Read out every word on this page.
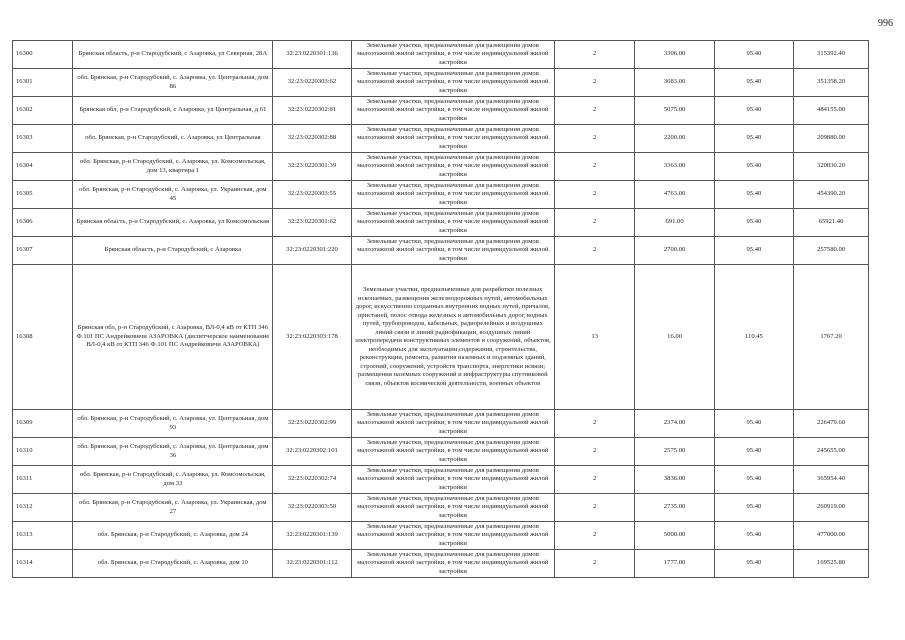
996
16300	Брянская область, р-н Стародубский, с Азаровка, ул Северная, 28А	32:23:0220301:136	Земельные участки, предназначенные для размещения домов малоэтажной жилой застройки, в том числе индивидуальной жилой застройки	2	3306.00	95.40	315392.40
16301	обл. Брянская, р-н Стародубский, с. Азаровка, ул. Центральная, дом 86	32:23:0220303:62	Земельные участки, предназначенные для размещения домов малоэтажной жилой застройки, в том числе индивидуальной жилой застройки	2	3683.00	95.40	351358.20
16302	Брянская обл, р-н Стародубский, с Азаровка, ул Центральная, д 61	32:23:0220302:81	Земельные участки, предназначенные для размещения домов малоэтажной жилой застройки, в том числе индивидуальной жилой застройки	2	5075.00	95.40	484155.00
16303	обл. Брянская, р-н Стародубский, с. Азаровка, ул Центральная	32:23:0220302:88	Земельные участки, предназначенные для размещения домов малоэтажной жилой застройки, в том числе индивидуальной жилой застройки	2	2200.00	95.40	209880.00
16304	обл. Брянская, р-н Стародубский, с. Азаровка, ул. Комсомольская, дом 13, квартира 1	32:23:0220301:39	Земельные участки, предназначенные для размещения домов малоэтажной жилой застройки, в том числе индивидуальной жилой застройки	2	3363.00	95.40	320830.20
16305	обл. Брянская, р-н Стародубский, с. Азаровка, ул. Украинская, дом 45	32:23:0220303:55	Земельные участки, предназначенные для размещения домов малоэтажной жилой застройки, в том числе индивидуальной жилой застройки	2	4763.00	95.40	454390.20
16306	Брянская область, р-н Стародубский, с. Азаровка, ул Комсомольская	32:23:0220301:62	Земельные участки, предназначенные для размещения домов малоэтажной жилой застройки, в том числе индивидуальной жилой застройки	2	691.00	95.40	65921.40
16307	Брянская область, р-н Стародубский, с Азаровка	32:23:0220301:220	Земельные участки, предназначенные для размещения домов малоэтажной жилой застройки, в том числе индивидуальной жилой застройки	2	2700.00	95.40	257580.00
16308	Брянская обл, р-н Стародубский, с Азаровка, ВЛ-0,4 кВ от КТП 346 Ф.101 ПС Андрейковичи АЗАРОВКА (диспетчерское наименование ВЛ-0,4 кВ от КТП 346 Ф.101 ПС Андрейковичи АЗАРОВКА)	32:23:0220303:178	Земельные участки, предназначенные для разработки полезных ископаемых, размещения железнодорожных путей, автомобильных дорог, искусственно созданных внутренних водных путей, причалов, пристаней, полос отвода железных и автомобильных дорог, водных путей, трубопроводов, кабельных, радиорелейных и воздушных линий связи и линий радиофикации, воздушных линий электропередачи конструктивных элементов и сооружений, объектов, необходимых для эксплуатации,содержания, строительства, реконструкции, ремонта, развития наземных и подземных зданий, строений, сооружений, устройств транспорта, энергетики исвязи; размещения наземных сооружений и инфраструктуры спутниковой связи, объектов космической деятельности, военных объектов	13	16.00	110.45	1767.20
16309	обл. Брянская, р-н Стародубский, с. Азаровка, ул. Центральная, дом 93	32:23:0220302:99	Земельные участки, предназначенные для размещения домов малоэтажной жилой застройки, в том числе индивидуальной жилой застройки	2	2374.00	95.40	226479.60
16310	обл. Брянская, р-н Стародубский, с. Азаровка, ул. Центральная, дом 36	32:23:0220302:101	Земельные участки, предназначенные для размещения домов малоэтажной жилой застройки, в том числе индивидуальной жилой застройки	2	2575.00	95.40	245655.00
16311	обл. Брянская, р-н Стародубский, с. Азаровка, ул. Комсомольская, дом 33	32:23:0220302:74	Земельные участки, предназначенные для размещения домов малоэтажной жилой застройки, в том числе индивидуальной жилой застройки	2	3836.00	95.40	365954.40
16312	обл. Брянская, р-н Стародубский, с. Азаровка, ул. Украинская, дом 27	32:23:0220303:50	Земельные участки, предназначенные для размещения домов малоэтажной жилой застройки, в том числе индивидуальной жилой застройки	2	2735.00	95.40	260919.00
16313	обл. Брянская, р-н Стародубский, с. Азаровка, дом 24	32:23:0220301:139	Земельные участки, предназначенные для размещения домов малоэтажной жилой застройки, в том числе индивидуальной жилой застройки	2	5000.00	95.40	477000.00
16314	обл. Брянская, р-н Стародубский, с. Азаровка, дом 10	32:23:0220301:112	Земельные участки, предназначенные для размещения домов малоэтажной жилой застройки, в том числе индивидуальной жилой застройки	2	1777.00	95.40	169525.80
